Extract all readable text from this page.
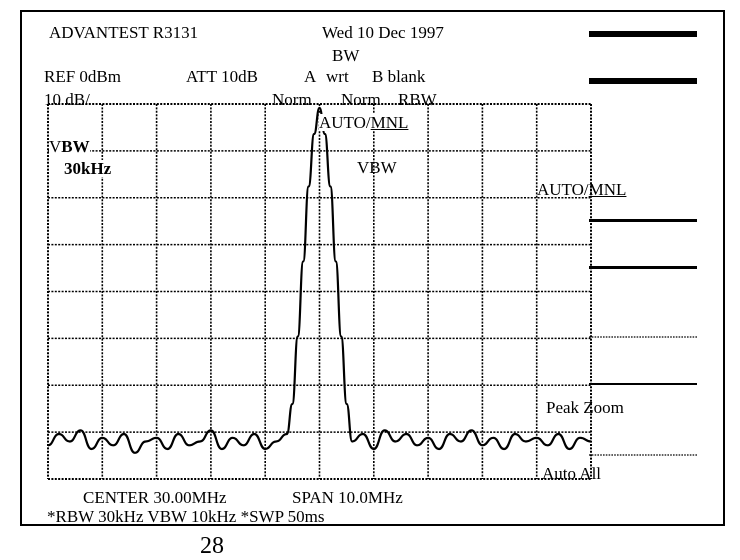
ADVANTEST R3131	Wed 10 Dec 1997
BW
REF 0dBm	ATT 10dB	A wrt B blank
10 dB/	Norm Norm RBW
AUTO/MNL
VBW
30kHz	VBW
AUTO/MNL
Peak Zoom
Auto All
CENTER 30.00MHz	SPAN 10.0MHz
*RBW 30kHz VBW 10kHz *SWP 50ms
28
